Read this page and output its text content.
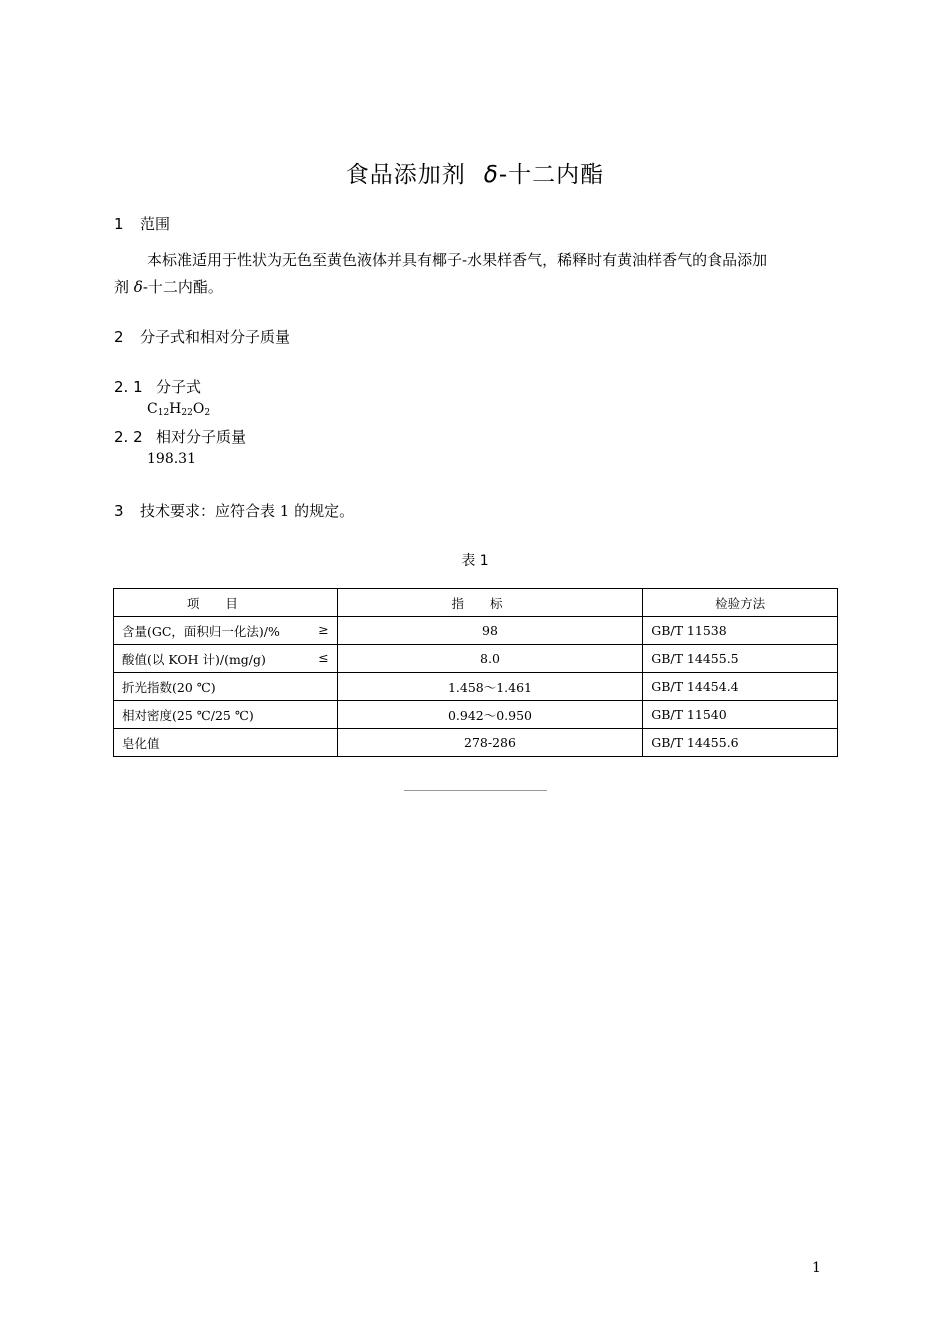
食品添加剂 δ-十二内酯
1 范围
本标准适用于性状为无色至黄色液体并具有椰子-水果样香气，稀释时有黄油样香气的食品添加
剂 δ-十二内酯。
2 分子式和相对分子质量
2. 1 分子式
$C_{12}H_{22}O_2$
2. 2 相对分子质量
198.31
3 技术要求：应符合表 1 的规定。
表 1
项目	指标	检验方法

含量(GC，面积归一化法)/% ≥	98	GB/T 11538

酸值(以 KOH 计)/(mg/g) ≤	8.0	GB/T 14455.5

折光指数(20 ℃)	1.458～1.461	GB/T 14454.4

相对密度(25 ℃/25 ℃)	0.942～0.950	GB/T 11540

皂化值	278-286	GB/T 14455.6
1
